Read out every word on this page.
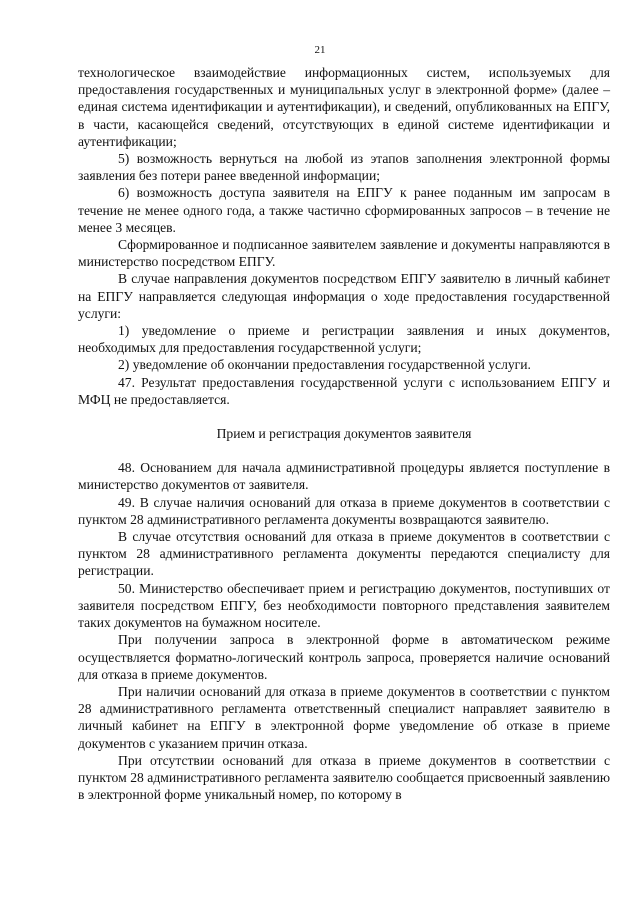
21

технологическое взаимодействие информационных систем, используемых для предоставления государственных и муниципальных услуг в электронной форме» (далее – единая система идентификации и аутентификации), и сведений, опубликованных на ЕПГУ, в части, касающейся сведений, отсутствующих в единой системе идентификации и аутентификации;

5) возможность вернуться на любой из этапов заполнения электронной формы заявления без потери ранее введенной информации;

6) возможность доступа заявителя на ЕПГУ к ранее поданным им запросам в течение не менее одного года, а также частично сформированных запросов – в течение не менее 3 месяцев.

Сформированное и подписанное заявителем заявление и документы направляются в министерство посредством ЕПГУ.

В случае направления документов посредством ЕПГУ заявителю в личный кабинет на ЕПГУ направляется следующая информация о ходе предоставления государственной услуги:

1) уведомление о приеме и регистрации заявления и иных документов, необходимых для предоставления государственной услуги;

2) уведомление об окончании предоставления государственной услуги.

47. Результат предоставления государственной услуги с использованием ЕПГУ и МФЦ не предоставляется.

Прием и регистрация документов заявителя

48. Основанием для начала административной процедуры является поступление в министерство документов от заявителя.

49. В случае наличия оснований для отказа в приеме документов в соответствии с пунктом 28 административного регламента документы возвращаются заявителю.

В случае отсутствия оснований для отказа в приеме документов в соответствии с пунктом 28 административного регламента документы передаются специалисту для регистрации.

50. Министерство обеспечивает прием и регистрацию документов, поступивших от заявителя посредством ЕПГУ, без необходимости повторного представления заявителем таких документов на бумажном носителе.

При получении запроса в электронной форме в автоматическом режиме осуществляется форматно-логический контроль запроса, проверяется наличие оснований для отказа в приеме документов.

При наличии оснований для отказа в приеме документов в соответствии с пунктом 28 административного регламента ответственный специалист направляет заявителю в личный кабинет на ЕПГУ в электронной форме уведомление об отказе в приеме документов с указанием причин отказа.

При отсутствии оснований для отказа в приеме документов в соответствии с пунктом 28 административного регламента заявителю сообщается присвоенный заявлению в электронной форме уникальный номер, по которому в
